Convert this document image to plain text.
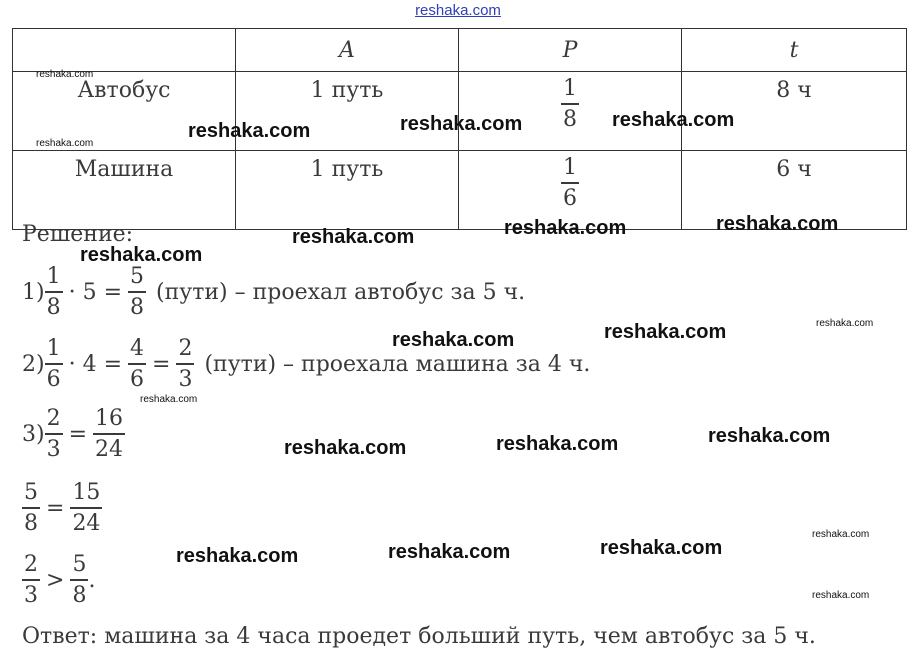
reshaka.com
	A	P	t
Автобус	1 путь	$\frac{1}{8}$	8 ч
Машина	1 путь	$\frac{1}{6}$	6 ч
Решение:
$1) \frac{1}{8} \cdot 5 = \frac{5}{8}$ (пути) – проехал автобус за 5 ч.
$2) \frac{1}{6} \cdot 4 = \frac{4}{6} = \frac{2}{3}$ (пути) – проехала машина за 4 ч.
$3) \frac{2}{3} = \frac{16}{24}$
$\frac{5}{8} = \frac{15}{24}$
$\frac{2}{3} > \frac{5}{8}$ .
Ответ: машина за 4 часа проедет больший путь, чем автобус за 5 ч.
reshaka.com	reshaka.com	reshaka.com
reshaka.com	reshaka.com	reshaka.com
reshaka.com
reshaka.com	reshaka.com
reshaka.com	reshaka.com	reshaka.com
reshaka.com	reshaka.com	reshaka.com
reshaka.com
reshaka.com
reshaka.com
reshaka.com
reshaka.com
reshaka.com
